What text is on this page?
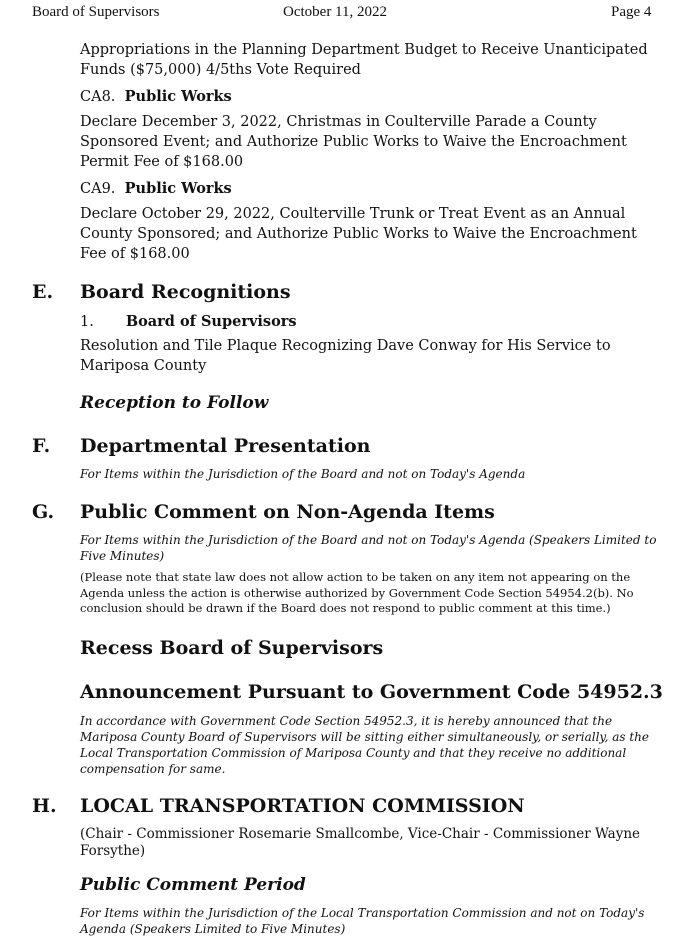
Board of Supervisors	October 11, 2022	Page 4
Appropriations in the Planning Department Budget to Receive Unanticipated Funds ($75,000) 4/5ths Vote Required
CA8. Public Works
Declare December 3, 2022, Christmas in Coulterville Parade a County Sponsored Event; and Authorize Public Works to Waive the Encroachment Permit Fee of $168.00
CA9. Public Works
Declare October 29, 2022, Coulterville Trunk or Treat Event as an Annual County Sponsored; and Authorize Public Works to Waive the Encroachment Fee of $168.00
E. Board Recognitions
1. Board of Supervisors
Resolution and Tile Plaque Recognizing Dave Conway for His Service to Mariposa County
Reception to Follow
F. Departmental Presentation
For Items within the Jurisdiction of the Board and not on Today's Agenda
G. Public Comment on Non-Agenda Items
For Items within the Jurisdiction of the Board and not on Today's Agenda (Speakers Limited to Five Minutes)
(Please note that state law does not allow action to be taken on any item not appearing on the Agenda unless the action is otherwise authorized by Government Code Section 54954.2(b). No conclusion should be drawn if the Board does not respond to public comment at this time.)
Recess Board of Supervisors
Announcement Pursuant to Government Code 54952.3
In accordance with Government Code Section 54952.3, it is hereby announced that the Mariposa County Board of Supervisors will be sitting either simultaneously, or serially, as the Local Transportation Commission of Mariposa County and that they receive no additional compensation for same.
H. LOCAL TRANSPORTATION COMMISSION
(Chair - Commissioner Rosemarie Smallcombe, Vice-Chair - Commissioner Wayne Forsythe)
Public Comment Period
For Items within the Jurisdiction of the Local Transportation Commission and not on Today's Agenda (Speakers Limited to Five Minutes)
